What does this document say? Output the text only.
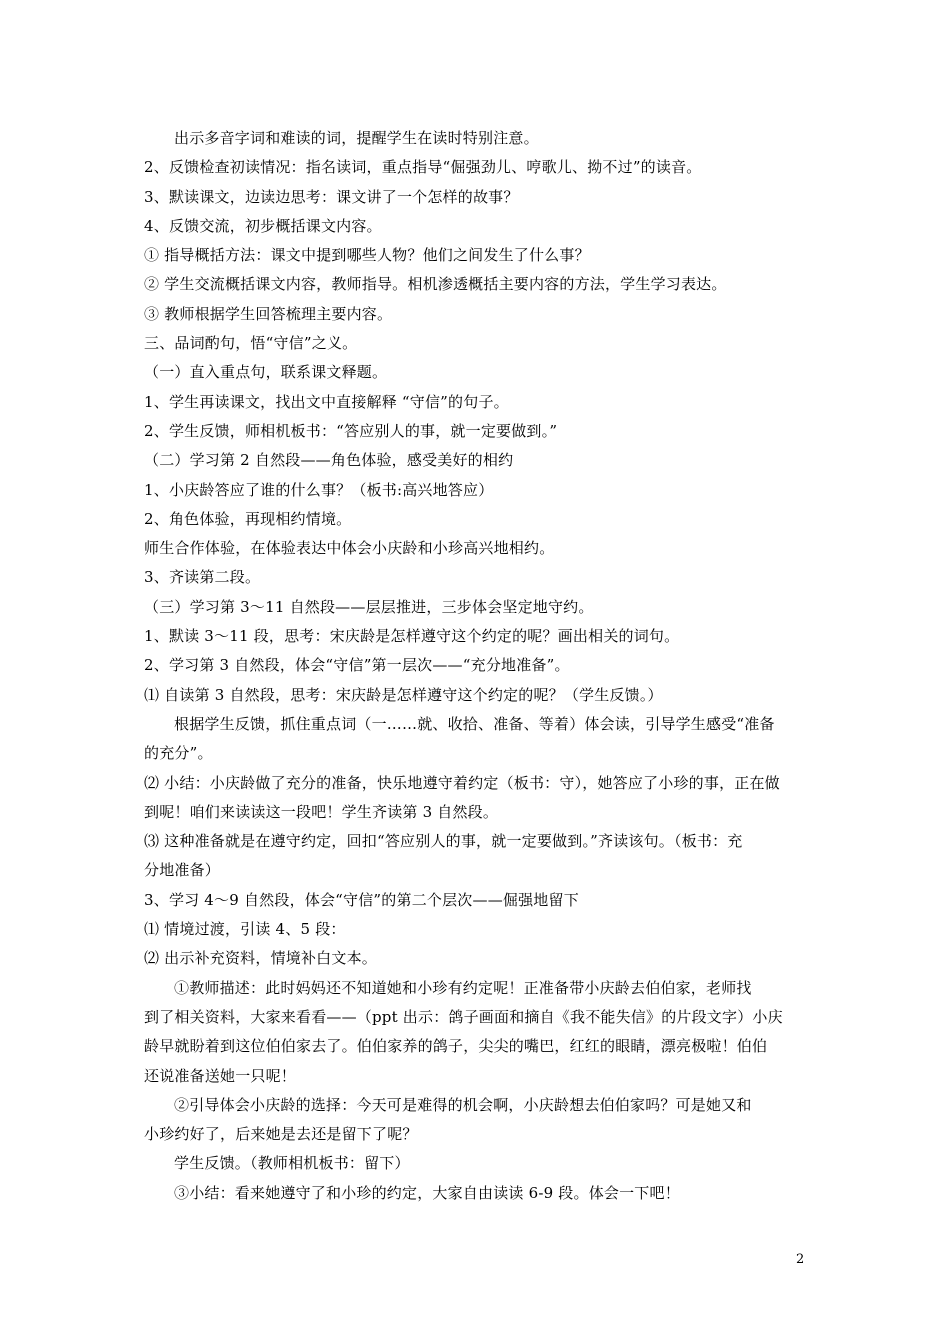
出示多音字词和难读的词，提醒学生在读时特别注意。
2、反馈检查初读情况：指名读词，重点指导“倔强劲儿、哼歌儿、拗不过”的读音。
3、默读课文，边读边思考：课文讲了一个怎样的故事？
4、反馈交流，初步概括课文内容。
① 指导概括方法：课文中提到哪些人物？他们之间发生了什么事？
② 学生交流概括课文内容，教师指导。相机渗透概括主要内容的方法，学生学习表达。
③ 教师根据学生回答梳理主要内容。
三、品词酌句，悟“守信”之义。
（一）直入重点句，联系课文释题。
1、学生再读课文，找出文中直接解释 “守信”的句子。
2、学生反馈，师相机板书：“答应别人的事，就一定要做到。”
（二）学习第 2 自然段——角色体验，感受美好的相约
1、小庆龄答应了谁的什么事？（板书:高兴地答应）
2、角色体验，再现相约情境。
师生合作体验，在体验表达中体会小庆龄和小珍高兴地相约。
3、齐读第二段。
（三）学习第 3～11 自然段——层层推进，三步体会坚定地守约。
1、默读 3～11 段，思考：宋庆龄是怎样遵守这个约定的呢？画出相关的词句。
2、学习第 3 自然段，体会“守信”第一层次——“充分地准备”。
⑴ 自读第 3 自然段，思考：宋庆龄是怎样遵守这个约定的呢？（学生反馈。）
根据学生反馈，抓住重点词（一……就、收拾、准备、等着）体会读，引导学生感受“准备
的充分”。
⑵ 小结：小庆龄做了充分的准备，快乐地遵守着约定（板书：守），她答应了小珍的事，正在做
到呢！咱们来读读这一段吧！学生齐读第 3 自然段。
⑶ 这种准备就是在遵守约定，回扣“答应别人的事，就一定要做到。”齐读该句。（板书：充
分地准备）
3、学习 4～9 自然段，体会“守信”的第二个层次——倔强地留下
⑴ 情境过渡，引读 4、5 段：
⑵ 出示补充资料，情境补白文本。
①教师描述：此时妈妈还不知道她和小珍有约定呢！正准备带小庆龄去伯伯家，老师找
到了相关资料，大家来看看——（ppt 出示：鸽子画面和摘自《我不能失信》的片段文字）小庆
龄早就盼着到这位伯伯家去了。伯伯家养的鸽子，尖尖的嘴巴，红红的眼睛，漂亮极啦！伯伯
还说准备送她一只呢！
②引导体会小庆龄的选择：今天可是难得的机会啊，小庆龄想去伯伯家吗？可是她又和
小珍约好了，后来她是去还是留下了呢？
学生反馈。（教师相机板书：留下）
③小结：看来她遵守了和小珍的约定，大家自由读读 6-9 段。体会一下吧！
2
